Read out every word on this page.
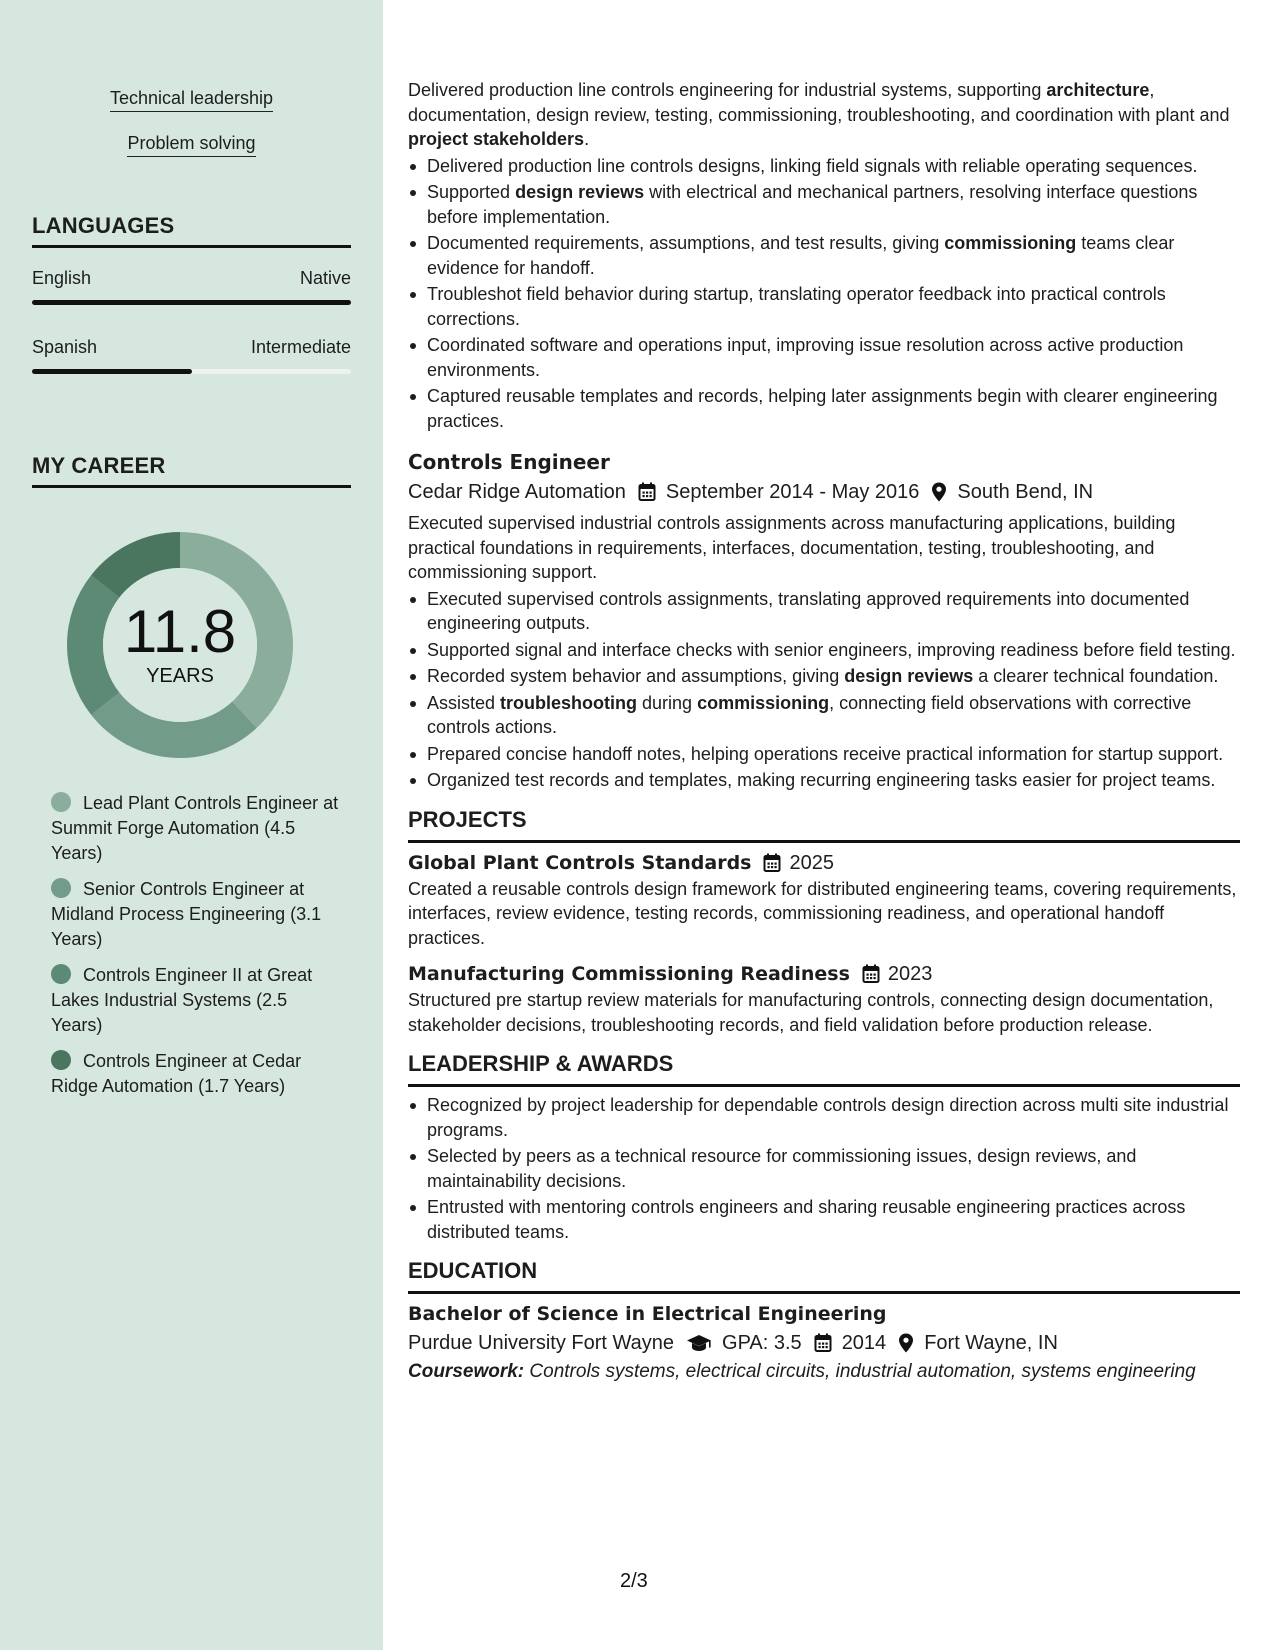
Technical leadership
Problem solving
LANGUAGES
English	Native
Spanish	Intermediate
MY CAREER
11.8
YEARS
Lead Plant Controls Engineer at Summit Forge Automation (4.5 Years)
Senior Controls Engineer at Midland Process Engineering (3.1 Years)
Controls Engineer II at Great Lakes Industrial Systems (2.5 Years)
Controls Engineer at Cedar Ridge Automation (1.7 Years)

Delivered production line controls engineering for industrial systems, supporting architecture, documentation, design review, testing, commissioning, troubleshooting, and coordination with plant and project stakeholders.

Delivered production line controls designs, linking field signals with reliable operating sequences.
Supported design reviews with electrical and mechanical partners, resolving interface questions before implementation.
Documented requirements, assumptions, and test results, giving commissioning teams clear evidence for handoff.
Troubleshot field behavior during startup, translating operator feedback into practical controls corrections.
Coordinated software and operations input, improving issue resolution across active production environments.
Captured reusable templates and records, helping later assignments begin with clearer engineering practices.
Controls Engineer
Cedar Ridge Automation September 2014 - May 2016 South Bend, IN

Executed supervised industrial controls assignments across manufacturing applications, building practical foundations in requirements, interfaces, documentation, testing, troubleshooting, and commissioning support.

Executed supervised controls assignments, translating approved requirements into documented engineering outputs.
Supported signal and interface checks with senior engineers, improving readiness before field testing.
Recorded system behavior and assumptions, giving design reviews a clearer technical foundation.
Assisted troubleshooting during commissioning, connecting field observations with corrective controls actions.
Prepared concise handoff notes, helping operations receive practical information for startup support.
Organized test records and templates, making recurring engineering tasks easier for project teams.
PROJECTS
Global Plant Controls Standards 2025

Created a reusable controls design framework for distributed engineering teams, covering requirements, interfaces, review evidence, testing records, commissioning readiness, and operational handoff practices.

Manufacturing Commissioning Readiness 2023

Structured pre startup review materials for manufacturing controls, connecting design documentation, stakeholder decisions, troubleshooting records, and field validation before production release.

LEADERSHIP & AWARDS
Recognized by project leadership for dependable controls design direction across multi site industrial programs.
Selected by peers as a technical resource for commissioning issues, design reviews, and maintainability decisions.
Entrusted with mentoring controls engineers and sharing reusable engineering practices across distributed teams.
EDUCATION
Bachelor of Science in Electrical Engineering
Purdue University Fort Wayne GPA: 3.5 2014 Fort Wayne, IN
Coursework: Controls systems, electrical circuits, industrial automation, systems engineering
2/3
